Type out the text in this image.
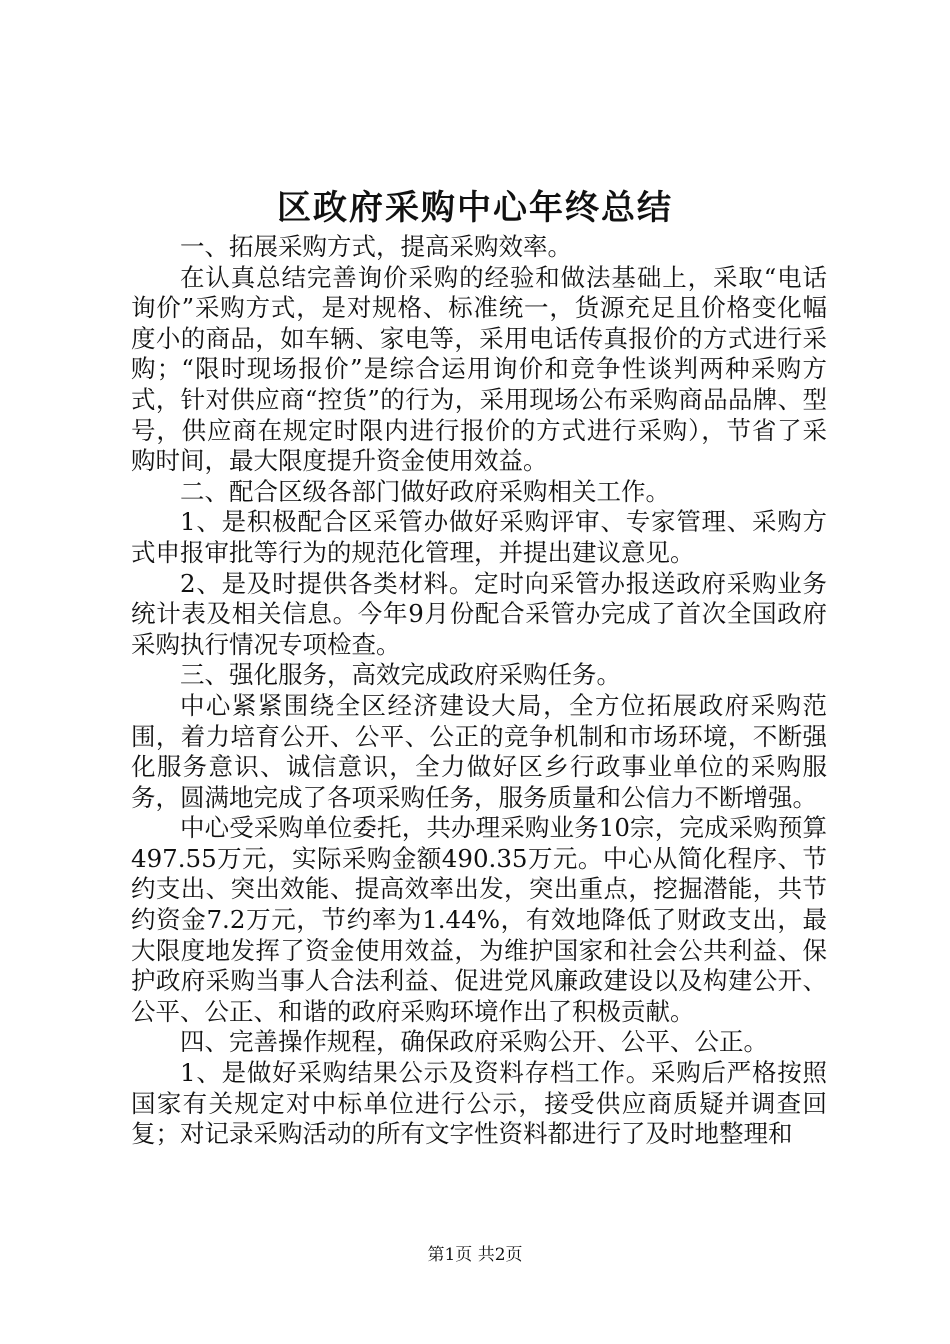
区政府采购中心年终总结

一、拓展采购方式，提高采购效率。

在认真总结完善询价采购的经验和做法基础上，采取“电话询价”采购方式，是对规格、标准统一，货源充足且价格变化幅度小的商品，如车辆、家电等，采用电话传真报价的方式进行采购；“限时现场报价”是综合运用询价和竞争性谈判两种采购方式，针对供应商“控货”的行为，采用现场公布采购商品品牌、型号，供应商在规定时限内进行报价的方式进行采购），节省了采购时间，最大限度提升资金使用效益。

二、配合区级各部门做好政府采购相关工作。

1、是积极配合区采管办做好采购评审、专家管理、采购方式申报审批等行为的规范化管理，并提出建议意见。

2、是及时提供各类材料。定时向采管办报送政府采购业务统计表及相关信息。今年9月份配合采管办完成了首次全国政府采购执行情况专项检查。

三、强化服务，高效完成政府采购任务。

中心紧紧围绕全区经济建设大局，全方位拓展政府采购范围，着力培育公开、公平、公正的竞争机制和市场环境，不断强化服务意识、诚信意识，全力做好区乡行政事业单位的采购服务，圆满地完成了各项采购任务，服务质量和公信力不断增强。

中心受采购单位委托，共办理采购业务10宗，完成采购预算497.55万元，实际采购金额490.35万元。中心从简化程序、节约支出、突出效能、提高效率出发，突出重点，挖掘潜能，共节约资金7.2万元，节约率为1.44%，有效地降低了财政支出，最大限度地发挥了资金使用效益，为维护国家和社会公共利益、保护政府采购当事人合法利益、促进党风廉政建设以及构建公开、公平、公正、和谐的政府采购环境作出了积极贡献。

四、完善操作规程，确保政府采购公开、公平、公正。

1、是做好采购结果公示及资料存档工作。采购后严格按照国家有关规定对中标单位进行公示，接受供应商质疑并调查回复；对记录采购活动的所有文字性资料都进行了及时地整理和

第1页 共2页
